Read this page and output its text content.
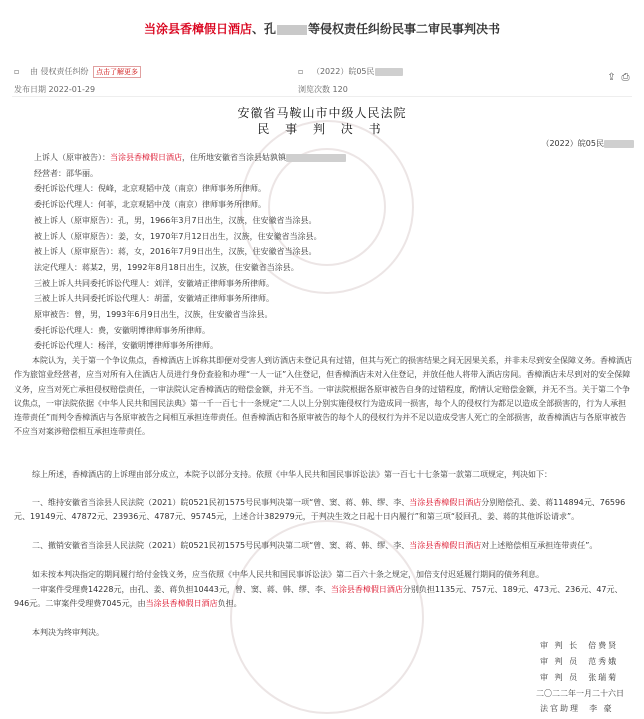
当涂县香樟假日酒店、孔	等侵权责任纠纷民事二审民事判决书
▫ 由 侵权责任纠纷 点击了解更多	▫ （2022）皖05民
发布日期 2022-01-29	浏览次数 120
⇪ ⎙
安徽省马鞍山市中级人民法院
民 事 判 决 书
（2022）皖05民
上诉人（原审被告）：当涂县香樟假日酒店，住所地安徽省当涂县姑孰镇
经营者：邵华丽。
委托诉讼代理人：倪峰，北京观韬中茂（南京）律师事务所律师。
委托诉讼代理人：何菲，北京观韬中茂（南京）律师事务所律师。
被上诉人（原审原告）：孔，男，1966年3月7日出生，汉族，住安徽省当涂县。
被上诉人（原审原告）：姜，女，1970年7月12日出生，汉族，住安徽省当涂县。
被上诉人（原审原告）：蒋，女，2016年7月9日出生，汉族，住安徽省当涂县。
法定代理人：蒋某2，男，1992年8月18日出生，汉族，住安徽省当涂县。
三被上诉人共同委托诉讼代理人：刘洋，安徽靖正律师事务所律师。
三被上诉人共同委托诉讼代理人：胡蕾，安徽靖正律师事务所律师。
原审被告：曾，男，1993年6月9日出生，汉族，住安徽省当涂县。
委托诉讼代理人：费，安徽明博律师事务所律师。
委托诉讼代理人：杨洋，安徽明博律师事务所律师。
本院认为，关于第一个争议焦点，香樟酒店上诉称其即便对受害人到访酒店未登记具有过错，但其与死亡的损害结果之间无因果关系，并非未尽到安全保障义务。香樟酒店作为旅馆业经营者，应当对所有入住酒店人员进行身份查验和办理“一人一证”入住登记，但香樟酒店未对入住登记，并放任他人将带入酒店房间。香樟酒店未尽到对的安全保障义务，应当对死亡承担侵权赔偿责任，一审法院认定香樟酒店的赔偿金额，并无不当。一审法院根据各原审被告自身的过错程度，酌情认定赔偿金额，并无不当。关于第二个争议焦点，一审法院依据《中华人民共和国民法典》第一千一百七十一条规定“二人以上分别实施侵权行为造成同一损害，每个人的侵权行为都足以造成全部损害的，行为人承担连带责任”而判令香樟酒店与各原审被告之间相互承担连带责任。但香樟酒店和各原审被告的每个人的侵权行为并不足以造成受害人死亡的全部损害，故香樟酒店与各原审被告不应当对案涉赔偿相互承担连带责任。
综上所述，香樟酒店的上诉理由部分成立，本院予以部分支持。依照《中华人民共和国民事诉讼法》第一百七十七条第一款第二项规定，判决如下：
一、维持安徽省当涂县人民法院（2021）皖0521民初1575号民事判决第一项“曾、窦、蒋、韩、缪、李、当涂县香樟假日酒店分别赔偿孔、姜、蒋114894元、76596元、19149元、47872元、23936元、4787元、95745元，上述合计382979元，于判决生效之日起十日内履行”和第三项“驳回孔、姜、蒋的其他诉讼请求”。
二、撤销安徽省当涂县人民法院（2021）皖0521民初1575号民事判决第二项“曾、窦、蒋、韩、缪、李、当涂县香樟假日酒店对上述赔偿相互承担连带责任”。
如未按本判决指定的期间履行给付金钱义务，应当依照《中华人民共和国民事诉讼法》第二百六十条之规定，加倍支付迟延履行期间的债务利息。
一审案件受理费14228元，由孔、姜、蒋负担10443元，曾、窦、蒋、韩、缪、李、当涂县香樟假日酒店分别负担1135元、757元、189元、473元、236元、47元、946元。二审案件受理费7045元，由当涂县香樟假日酒店负担。
本判决为终审判决。
审 判 长 倍费贤
审 判 员 范秀娥
审 判 员 张瑞菊
二〇二二年一月二十六日
法官助理 李 豪
